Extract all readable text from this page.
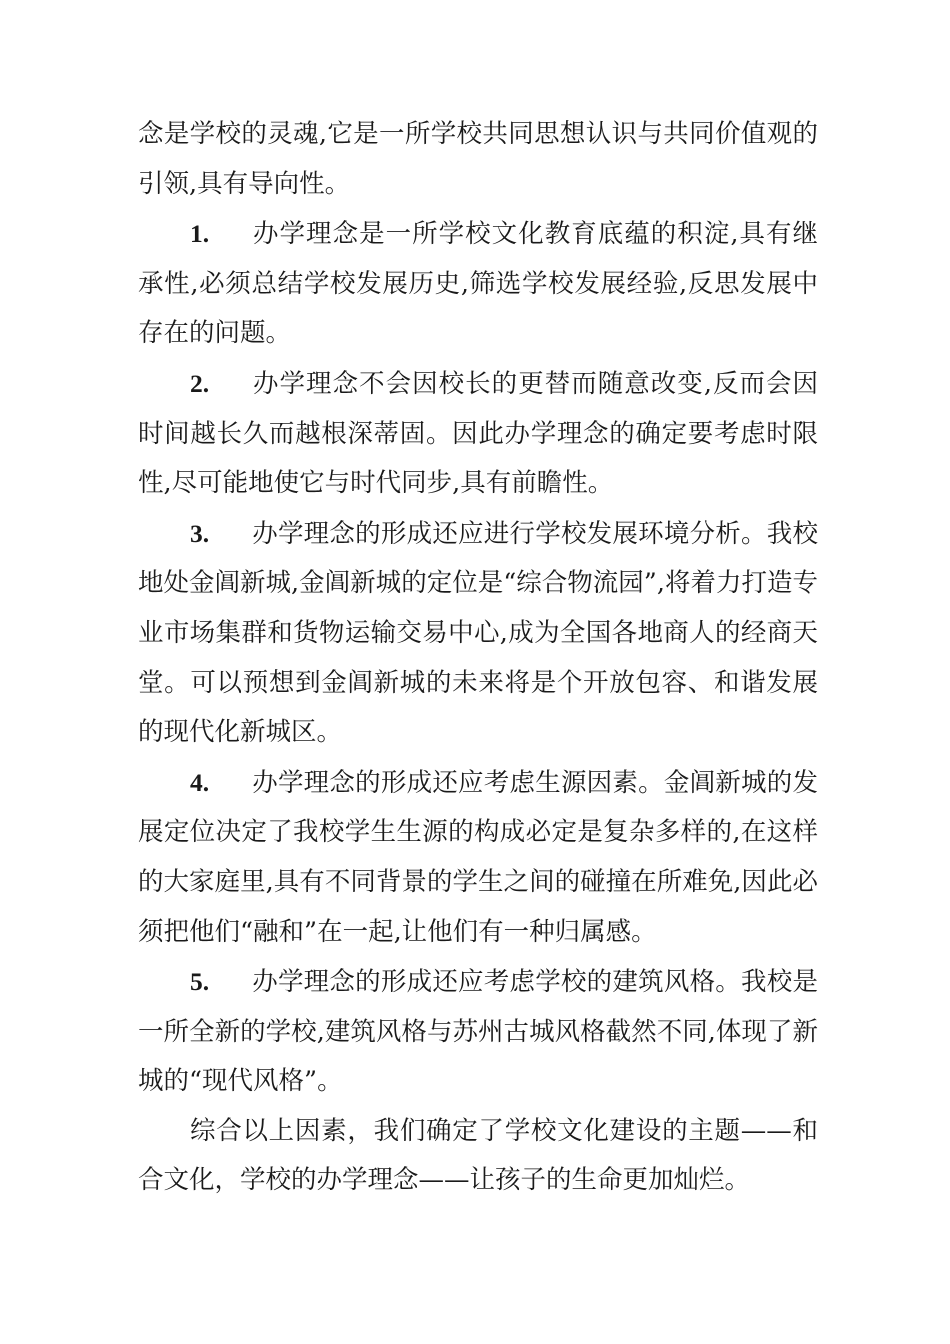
念是学校的灵魂,它是一所学校共同思想认识与共同价值观的引领,具有导向性。

1. 办学理念是一所学校文化教育底蕴的积淀,具有继承性,必须总结学校发展历史,筛选学校发展经验,反思发展中存在的问题。

2. 办学理念不会因校长的更替而随意改变,反而会因时间越长久而越根深蒂固。因此办学理念的确定要考虑时限性,尽可能地使它与时代同步,具有前瞻性。

3. 办学理念的形成还应进行学校发展环境分析。我校地处金阊新城,金阊新城的定位是“综合物流园”,将着力打造专业市场集群和货物运输交易中心,成为全国各地商人的经商天堂。可以预想到金阊新城的未来将是个开放包容、和谐发展的现代化新城区。

4. 办学理念的形成还应考虑生源因素。金阊新城的发展定位决定了我校学生生源的构成必定是复杂多样的,在这样的大家庭里,具有不同背景的学生之间的碰撞在所难免,因此必须把他们“融和”在一起,让他们有一种归属感。

5. 办学理念的形成还应考虑学校的建筑风格。我校是一所全新的学校,建筑风格与苏州古城风格截然不同,体现了新城的“现代风格”。

综合以上因素，我们确定了学校文化建设的主题——和合文化，学校的办学理念——让孩子的生命更加灿烂。
